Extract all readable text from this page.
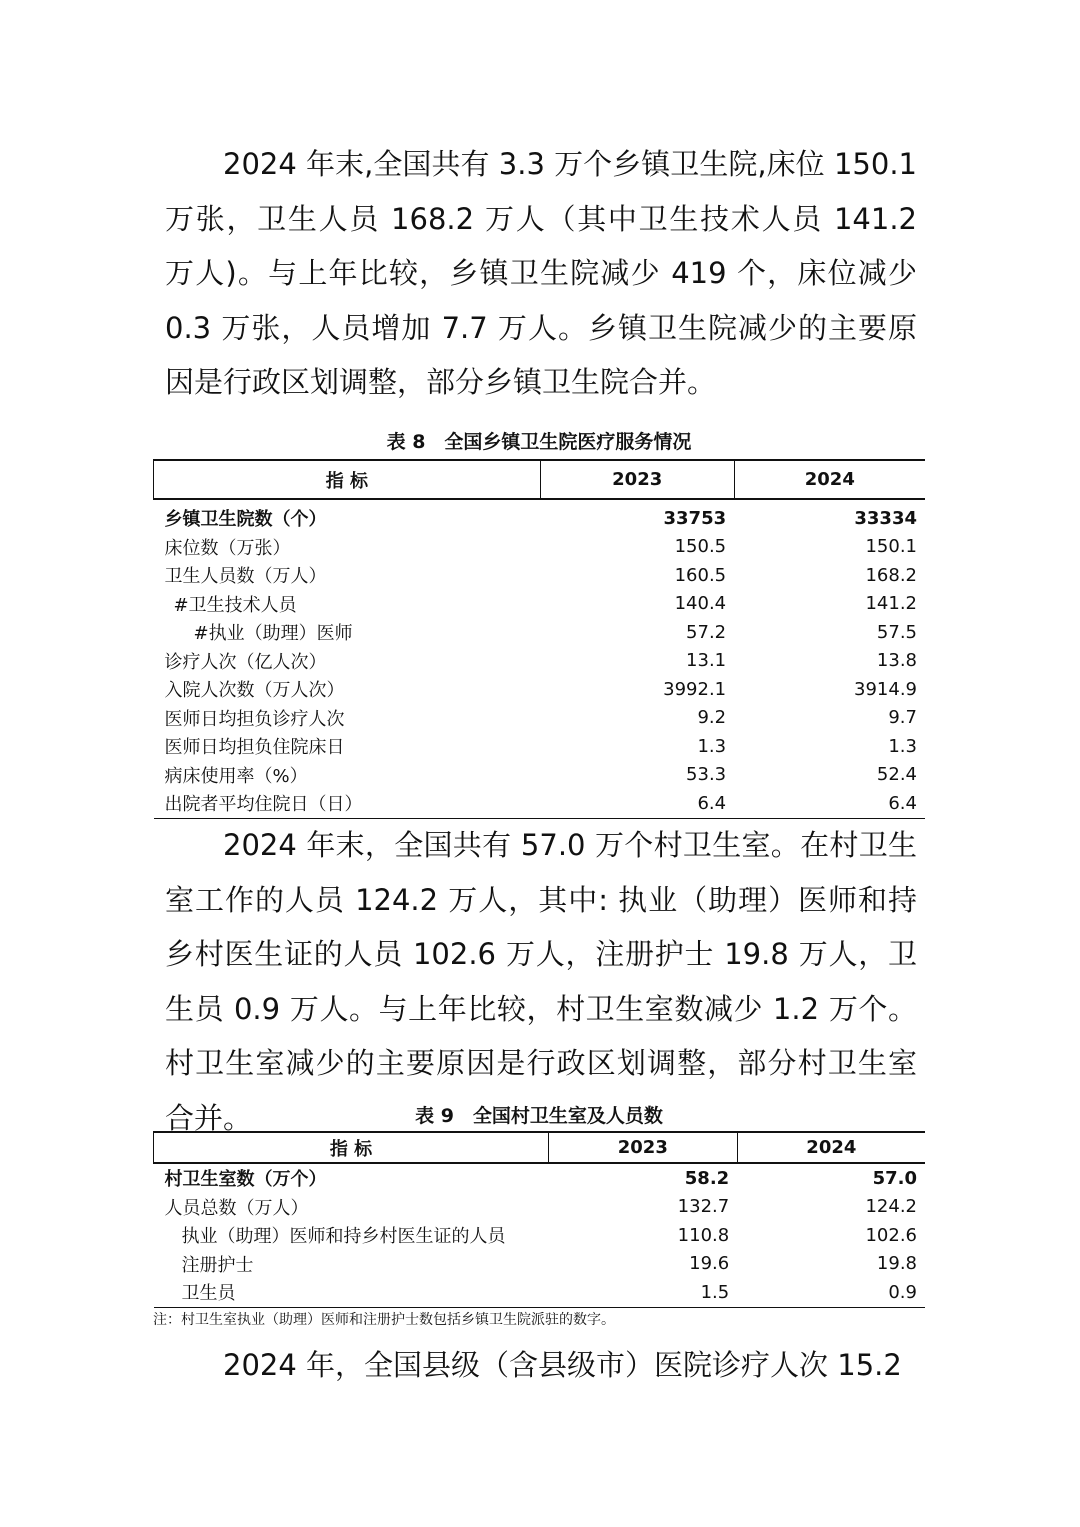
2024 年末,全国共有 3.3 万个乡镇卫生院,床位 150.1 万张，卫生人员 168.2 万人（其中卫生技术人员 141.2 万人)。与上年比较，乡镇卫生院减少 419 个，床位减少 0.3 万张，人员增加 7.7 万人。乡镇卫生院减少的主要原因是行政区划调整，部分乡镇卫生院合并。

表 8　全国乡镇卫生院医疗服务情况

指 标	2023	2024
乡镇卫生院数（个）	33753	33334
床位数（万张）	150.5	150.1
卫生人员数（万人）	160.5	168.2
#卫生技术人员	140.4	141.2
#执业（助理）医师	57.2	57.5
诊疗人次（亿人次）	13.1	13.8
入院人次数（万人次）	3992.1	3914.9
医师日均担负诊疗人次	9.2	9.7
医师日均担负住院床日	1.3	1.3
病床使用率（%）	53.3	52.4
出院者平均住院日（日）	6.4	6.4

2024 年末，全国共有 57.0 万个村卫生室。在村卫生室工作的人员 124.2 万人，其中: 执业（助理）医师和持乡村医生证的人员 102.6 万人，注册护士 19.8 万人，卫生员 0.9 万人。与上年比较，村卫生室数减少 1.2 万个。村卫生室减少的主要原因是行政区划调整，部分村卫生室合并。	表 9　全国村卫生室及人员数

指 标	2023	2024
村卫生室数（万个）	58.2	57.0
人员总数（万人）	132.7	124.2
执业（助理）医师和持乡村医生证的人员	110.8	102.6
注册护士	19.6	19.8
卫生员	1.5	0.9

注：村卫生室执业（助理）医师和注册护士数包括乡镇卫生院派驻的数字。

2024 年，全国县级（含县级市）医院诊疗人次 15.2
